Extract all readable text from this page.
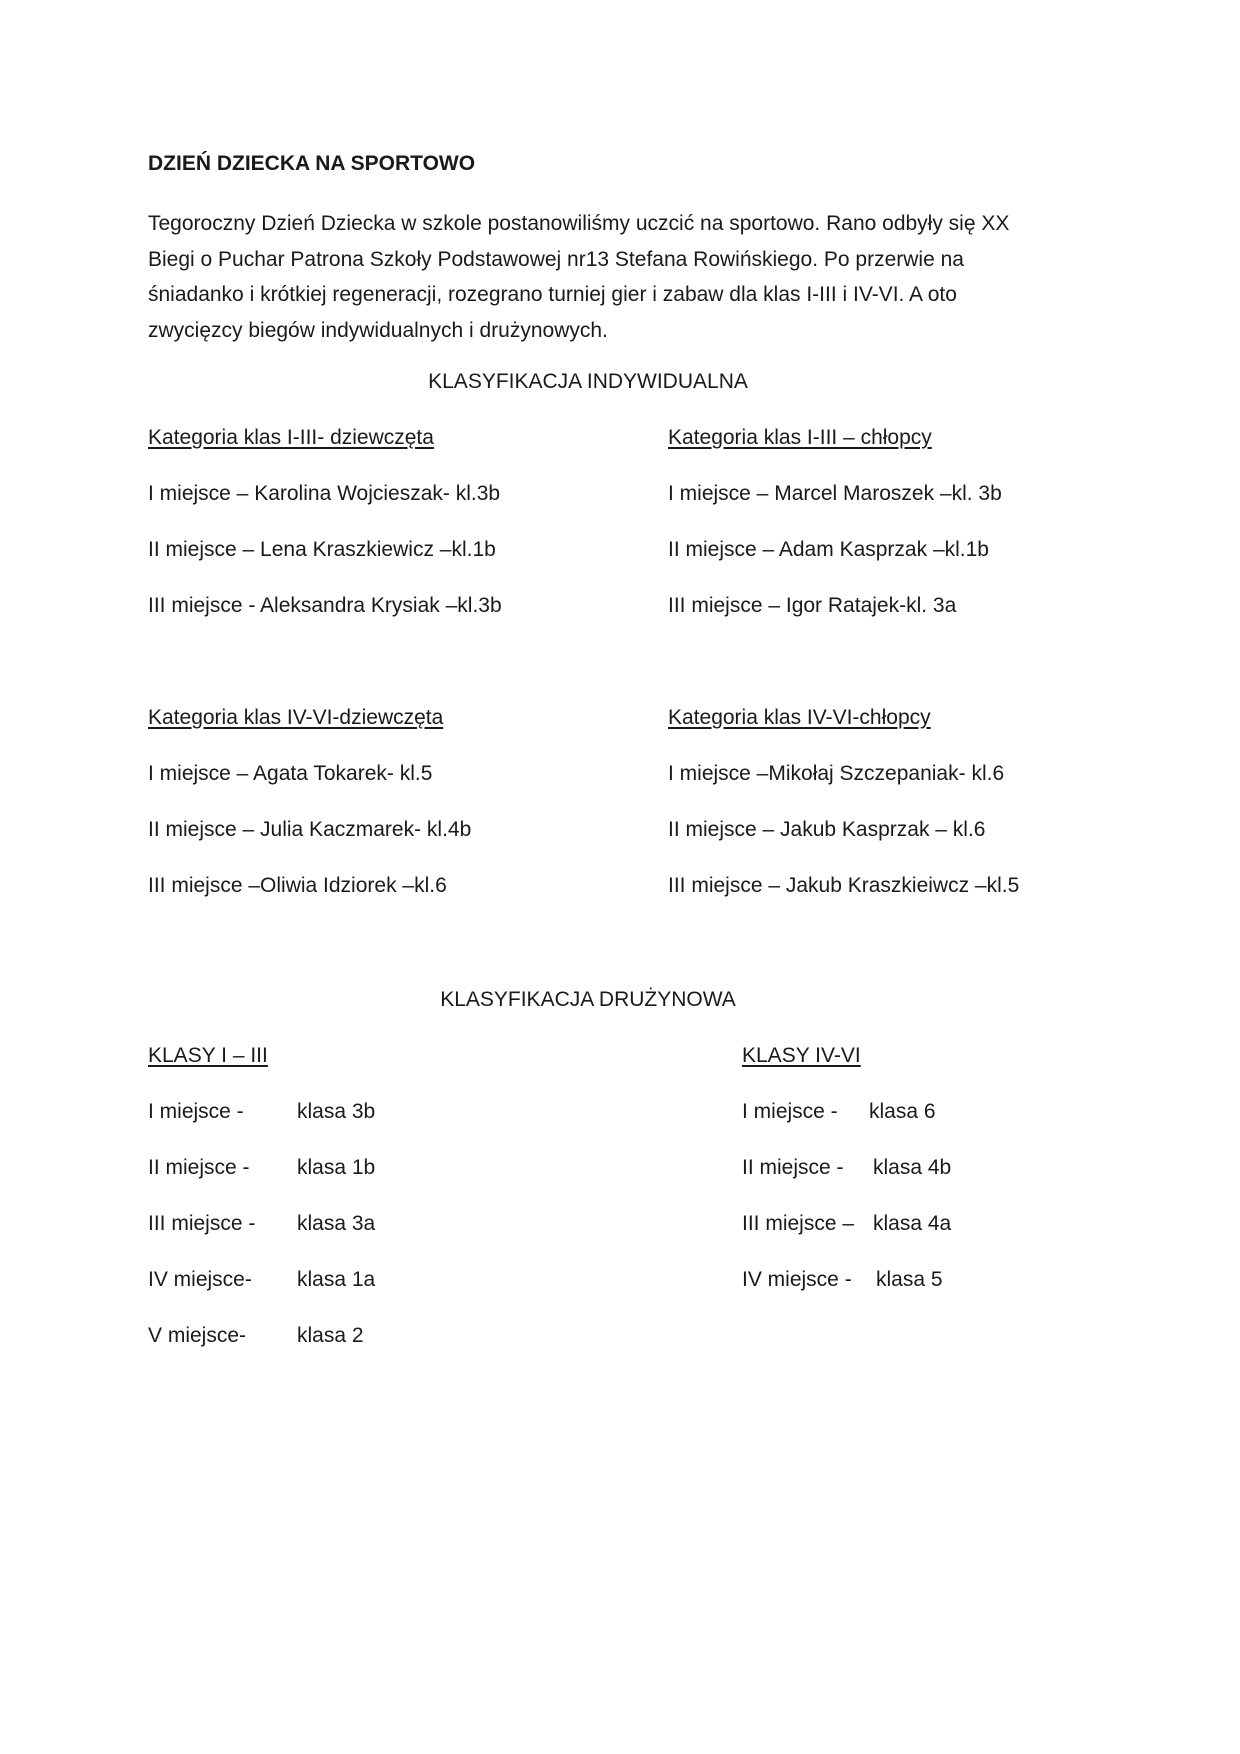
DZIEŃ DZIECKA NA SPORTOWO
Tegoroczny Dzień Dziecka w szkole postanowiliśmy uczcić na sportowo. Rano odbyły się XX
Biegi o Puchar Patrona Szkoły Podstawowej nr13 Stefana Rowińskiego. Po przerwie na
śniadanko i krótkiej regeneracji, rozegrano turniej gier i zabaw dla klas I-III i IV-VI. A oto
zwycięzcy biegów indywidualnych i drużynowych.
KLASYFIKACJA INDYWIDUALNA
Kategoria klas I-III- dziewczęta
I miejsce – Karolina Wojcieszak- kl.3b
II miejsce – Lena Kraszkiewicz –kl.1b
III miejsce - Aleksandra Krysiak –kl.3b
Kategoria klas I-III – chłopcy
I miejsce – Marcel Maroszek –kl. 3b
II miejsce – Adam Kasprzak –kl.1b
III miejsce – Igor Ratajek-kl. 3a
Kategoria klas IV-VI-dziewczęta
I miejsce – Agata Tokarek- kl.5
II miejsce – Julia Kaczmarek- kl.4b
III miejsce –Oliwia Idziorek –kl.6
Kategoria klas IV-VI-chłopcy
I miejsce –Mikołaj Szczepaniak- kl.6
II miejsce – Jakub Kasprzak – kl.6
III miejsce – Jakub Kraszkieiwcz –kl.5
KLASYFIKACJA DRUŻYNOWA
KLASY I – III
I miejsce -	klasa 3b
II miejsce - klasa 1b
III miejsce - klasa 3a
IV miejsce- klasa 1a
V miejsce- klasa 2
KLASY IV-VI
I miejsce - klasa 6
II miejsce - klasa 4b
III miejsce – klasa 4a
IV miejsce - klasa 5
